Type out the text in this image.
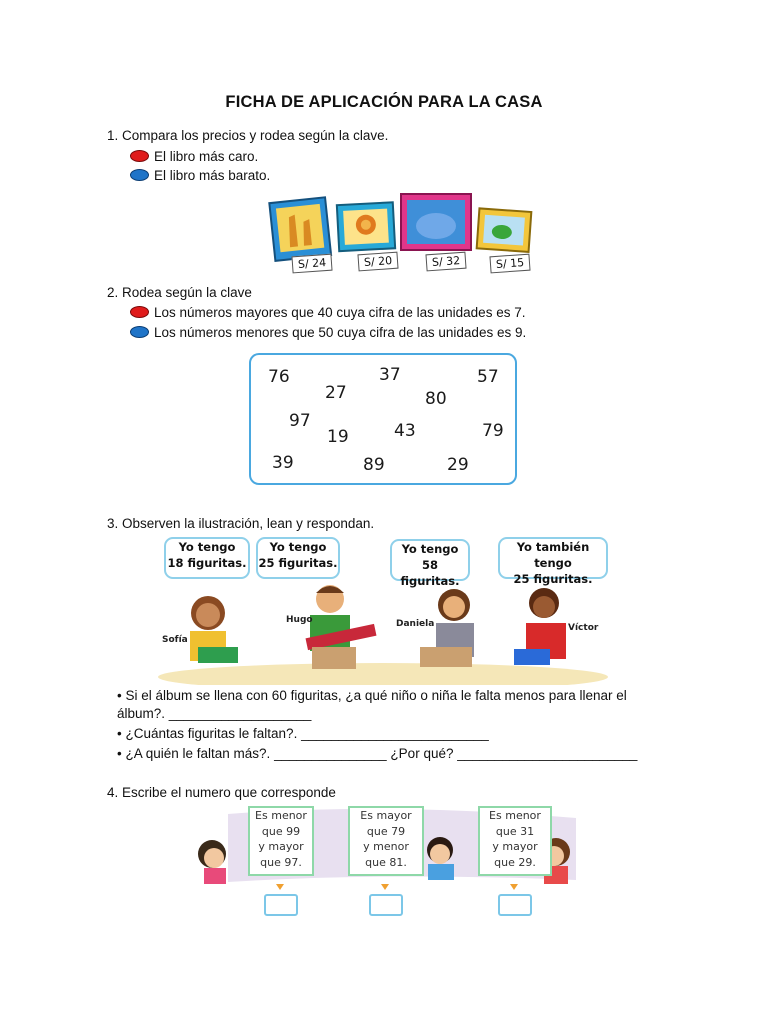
FICHA DE APLICACIÓN PARA LA CASA
1. Compara los precios y rodea según la clave.
El libro más caro.
El libro más barato.
S/ 24	S/ 20	S/ 32	S/ 15
2. Rodea según la clave
Los números mayores que 40 cuya cifra de las unidades es 7.
Los números menores que 50 cuya cifra de las unidades es 9.
76
27
37
80
57
97
19	43	79
39	89	29
3. Observen la ilustración, lean y respondan.
Yo tengo
18 figuritas.
Yo tengo
25 figuritas.
Yo tengo
58 figuritas.
Yo también tengo
25 figuritas.
Sofía
Hugo	Daniela	Víctor
• Si el álbum se llena con 60 figuritas, ¿a qué niño o niña le falta menos para llenar el
álbum?. ___________________
• ¿Cuántas figuritas le faltan?. _________________________
• ¿A quién le faltan más?. _______________ ¿Por qué? ________________________
4. Escribe el numero que corresponde
Es menor
que 99
y mayor
que 97.
Es mayor
que 79
y menor
que 81.
Es menor
que 31
y mayor
que 29.
